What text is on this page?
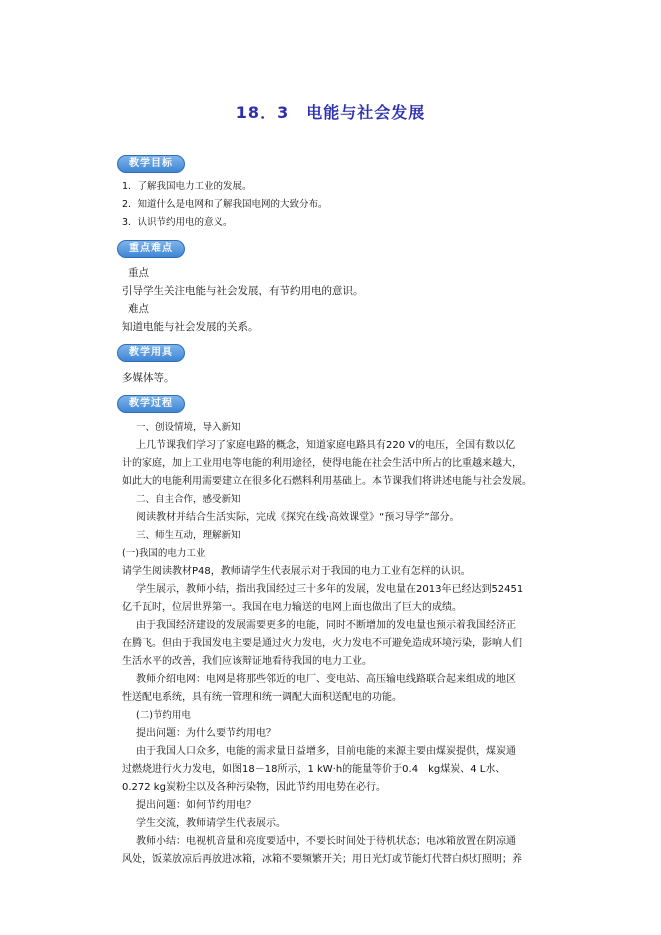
18．3　电能与社会发展
教学目标
1．了解我国电力工业的发展。
2．知道什么是电网和了解我国电网的大致分布。
3．认识节约用电的意义。
重点难点
重点
引导学生关注电能与社会发展，有节约用电的意识。
难点
知道电能与社会发展的关系。
教学用具
多媒体等。
教学过程
一、创设情境，导入新知
上几节课我们学习了家庭电路的概念，知道家庭电路具有220 V的电压，全国有数以亿
计的家庭，加上工业用电等电能的利用途径，使得电能在社会生活中所占的比重越来越大，
如此大的电能利用需要建立在很多化石燃料利用基础上。本节课我们将讲述电能与社会发展。
二、自主合作，感受新知
阅读教材并结合生活实际，完成《探究在线·高效课堂》“预习导学”部分。
三、师生互动，理解新知
(一)我国的电力工业
请学生阅读教材P48，教师请学生代表展示对于我国的电力工业有怎样的认识。
学生展示，教师小结，指出我国经过三十多年的发展，发电量在2013年已经达到52451
亿千瓦时，位居世界第一。我国在电力输送的电网上面也做出了巨大的成绩。
由于我国经济建设的发展需要更多的电能，同时不断增加的发电量也预示着我国经济正
在腾飞。但由于我国发电主要是通过火力发电，火力发电不可避免造成环境污染，影响人们
生活水平的改善，我们应该辩证地看待我国的电力工业。
教师介绍电网：电网是将那些邻近的电厂、变电站、高压输电线路联合起来组成的地区
性送配电系统，具有统一管理和统一调配大面积送配电的功能。
(二)节约用电
提出问题：为什么要节约用电？
由于我国人口众多，电能的需求量日益增多，目前电能的来源主要由煤炭提供，煤炭通
过燃烧进行火力发电，如图18－18所示，1 kW·h的能量等价于0.4　kg煤炭、4 L水、
0.272 kg炭粉尘以及各种污染物，因此节约用电势在必行。
提出问题：如何节约用电？
学生交流，教师请学生代表展示。
教师小结：电视机音量和亮度要适中，不要长时间处于待机状态；电冰箱放置在阴凉通
风处，饭菜放凉后再放进冰箱，冰箱不要频繁开关；用日光灯或节能灯代替白炽灯照明；养
